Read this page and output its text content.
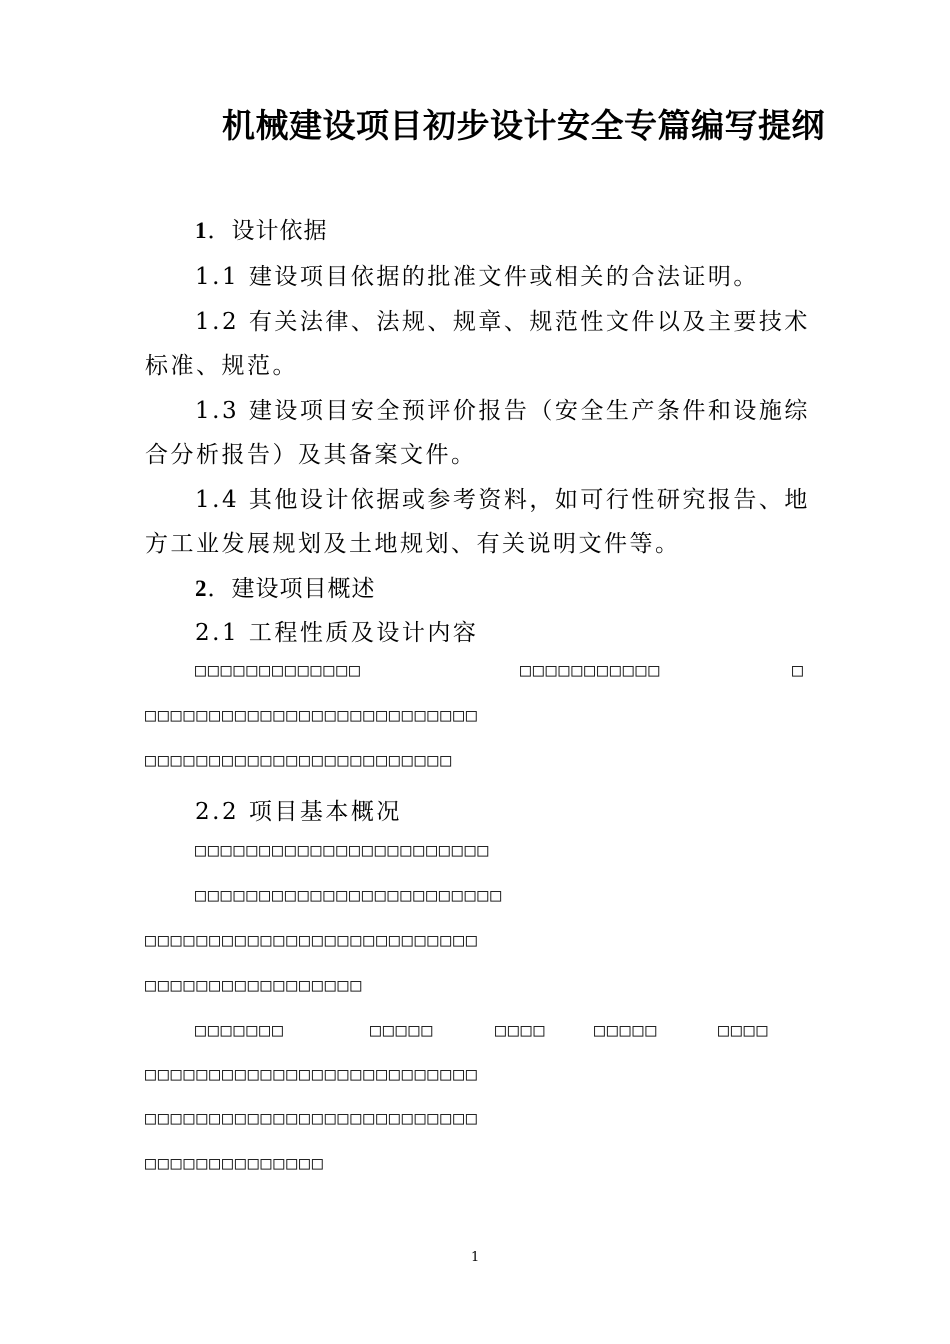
机械建设项目初步设计安全专篇编写提纲
1．设计依据
1.1 建设项目依据的批准文件或相关的合法证明。
1.2 有关法律、法规、规章、规范性文件以及主要技术
标准、规范。
1.3 建设项目安全预评价报告（安全生产条件和设施综
合分析报告）及其备案文件。
1.4 其他设计依据或参考资料，如可行性研究报告、地
方工业发展规划及土地规划、有关说明文件等。
2．建设项目概述
2.1 工程性质及设计内容
□□□□□□□□□□□□□	□□□□□□□□□□□	□
□□□□□□□□□□□□□□□□□□□□□□□□□□
□□□□□□□□□□□□□□□□□□□□□□□□
2.2 项目基本概况
□□□□□□□□□□□□□□□□□□□□□□□
□□□□□□□□□□□□□□□□□□□□□□□□
□□□□□□□□□□□□□□□□□□□□□□□□□□
□□□□□□□□□□□□□□□□□
□□□□□□□	□□□□□	□□□□	□□□□□	□□□□
□□□□□□□□□□□□□□□□□□□□□□□□□□
□□□□□□□□□□□□□□□□□□□□□□□□□□
□□□□□□□□□□□□□□
1
